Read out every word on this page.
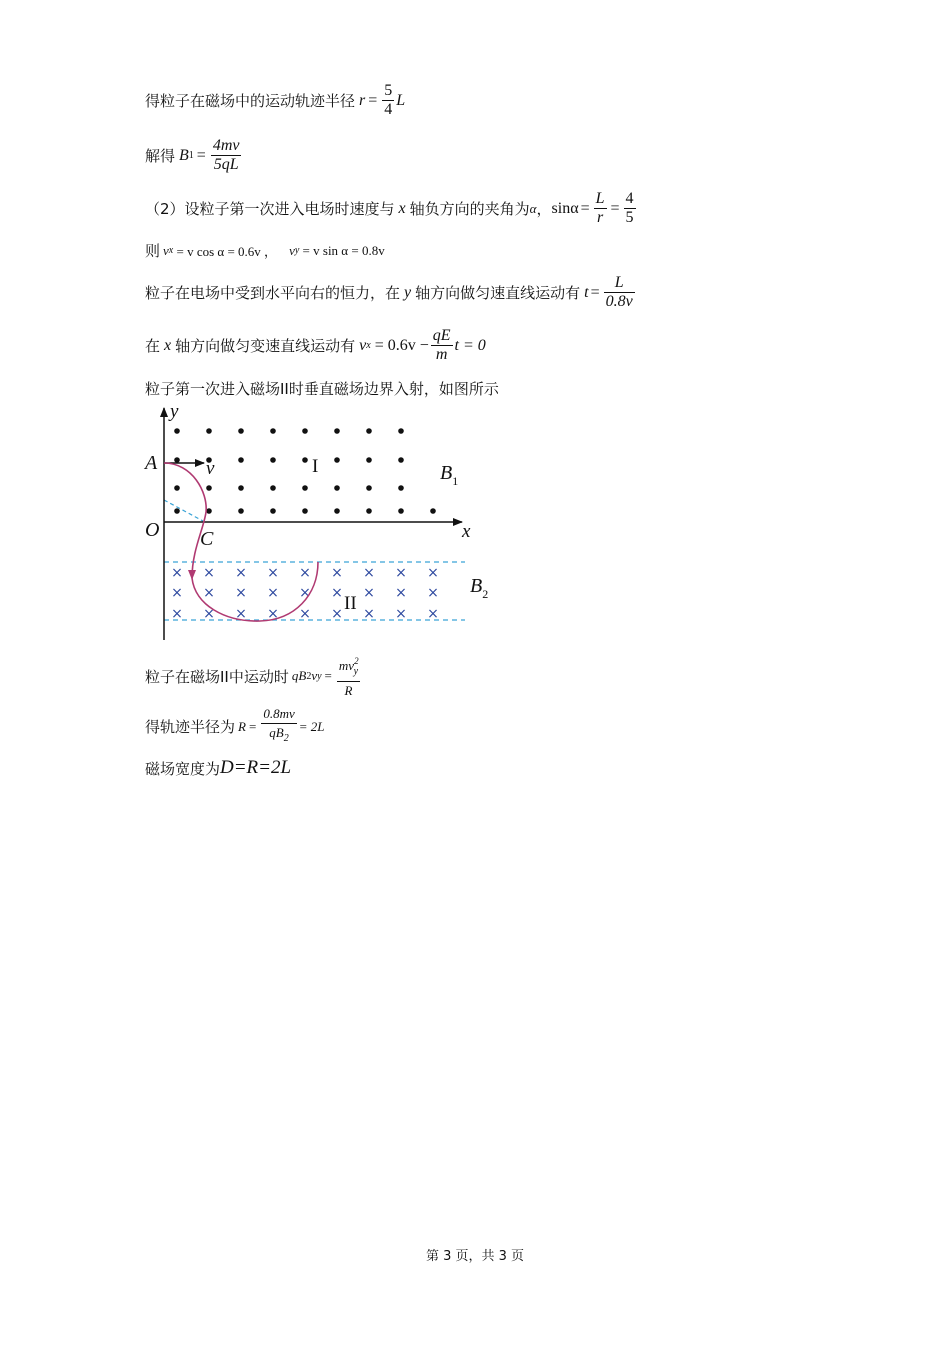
得粒子在磁场中的运动轨迹半径 $r = \frac{5}{4}$ L
解得 B $1 = \frac{4mv}{5qL}$
（2）设粒子第一次进入电场时速度与 x 轴负方向的夹角为 α ， $\sin\alpha = \frac{L}{r} = \frac{4}{5}$
则 v x = v cos α = 0.6v ， v y = v sin α = 0.8v
粒子在电场中受到水平向右的恒力，在 y 轴方向做匀速直线运动有 $t = \frac{L}{0.8v}$
在 x 轴方向做匀变速直线运动有 v $x = 0.6v - \frac{qE}{m}$ t = 0
粒子第一次进入磁场II时垂直磁场边界入射，如图所示
× × × × × × × × ×
× × × × × × × × ×
× × × × × × × × ×
y
x
O
A
C
v	I
II
$B_1$
$B_2$
粒子在磁场II中运动时 qB 2 v $y = \frac{mv^2_y}{R}$
得轨迹半径为 $R = \frac{0.8mv}{qB_2} = 2L$
磁场宽度为 D=R=2L
第 3 页，共 3 页
